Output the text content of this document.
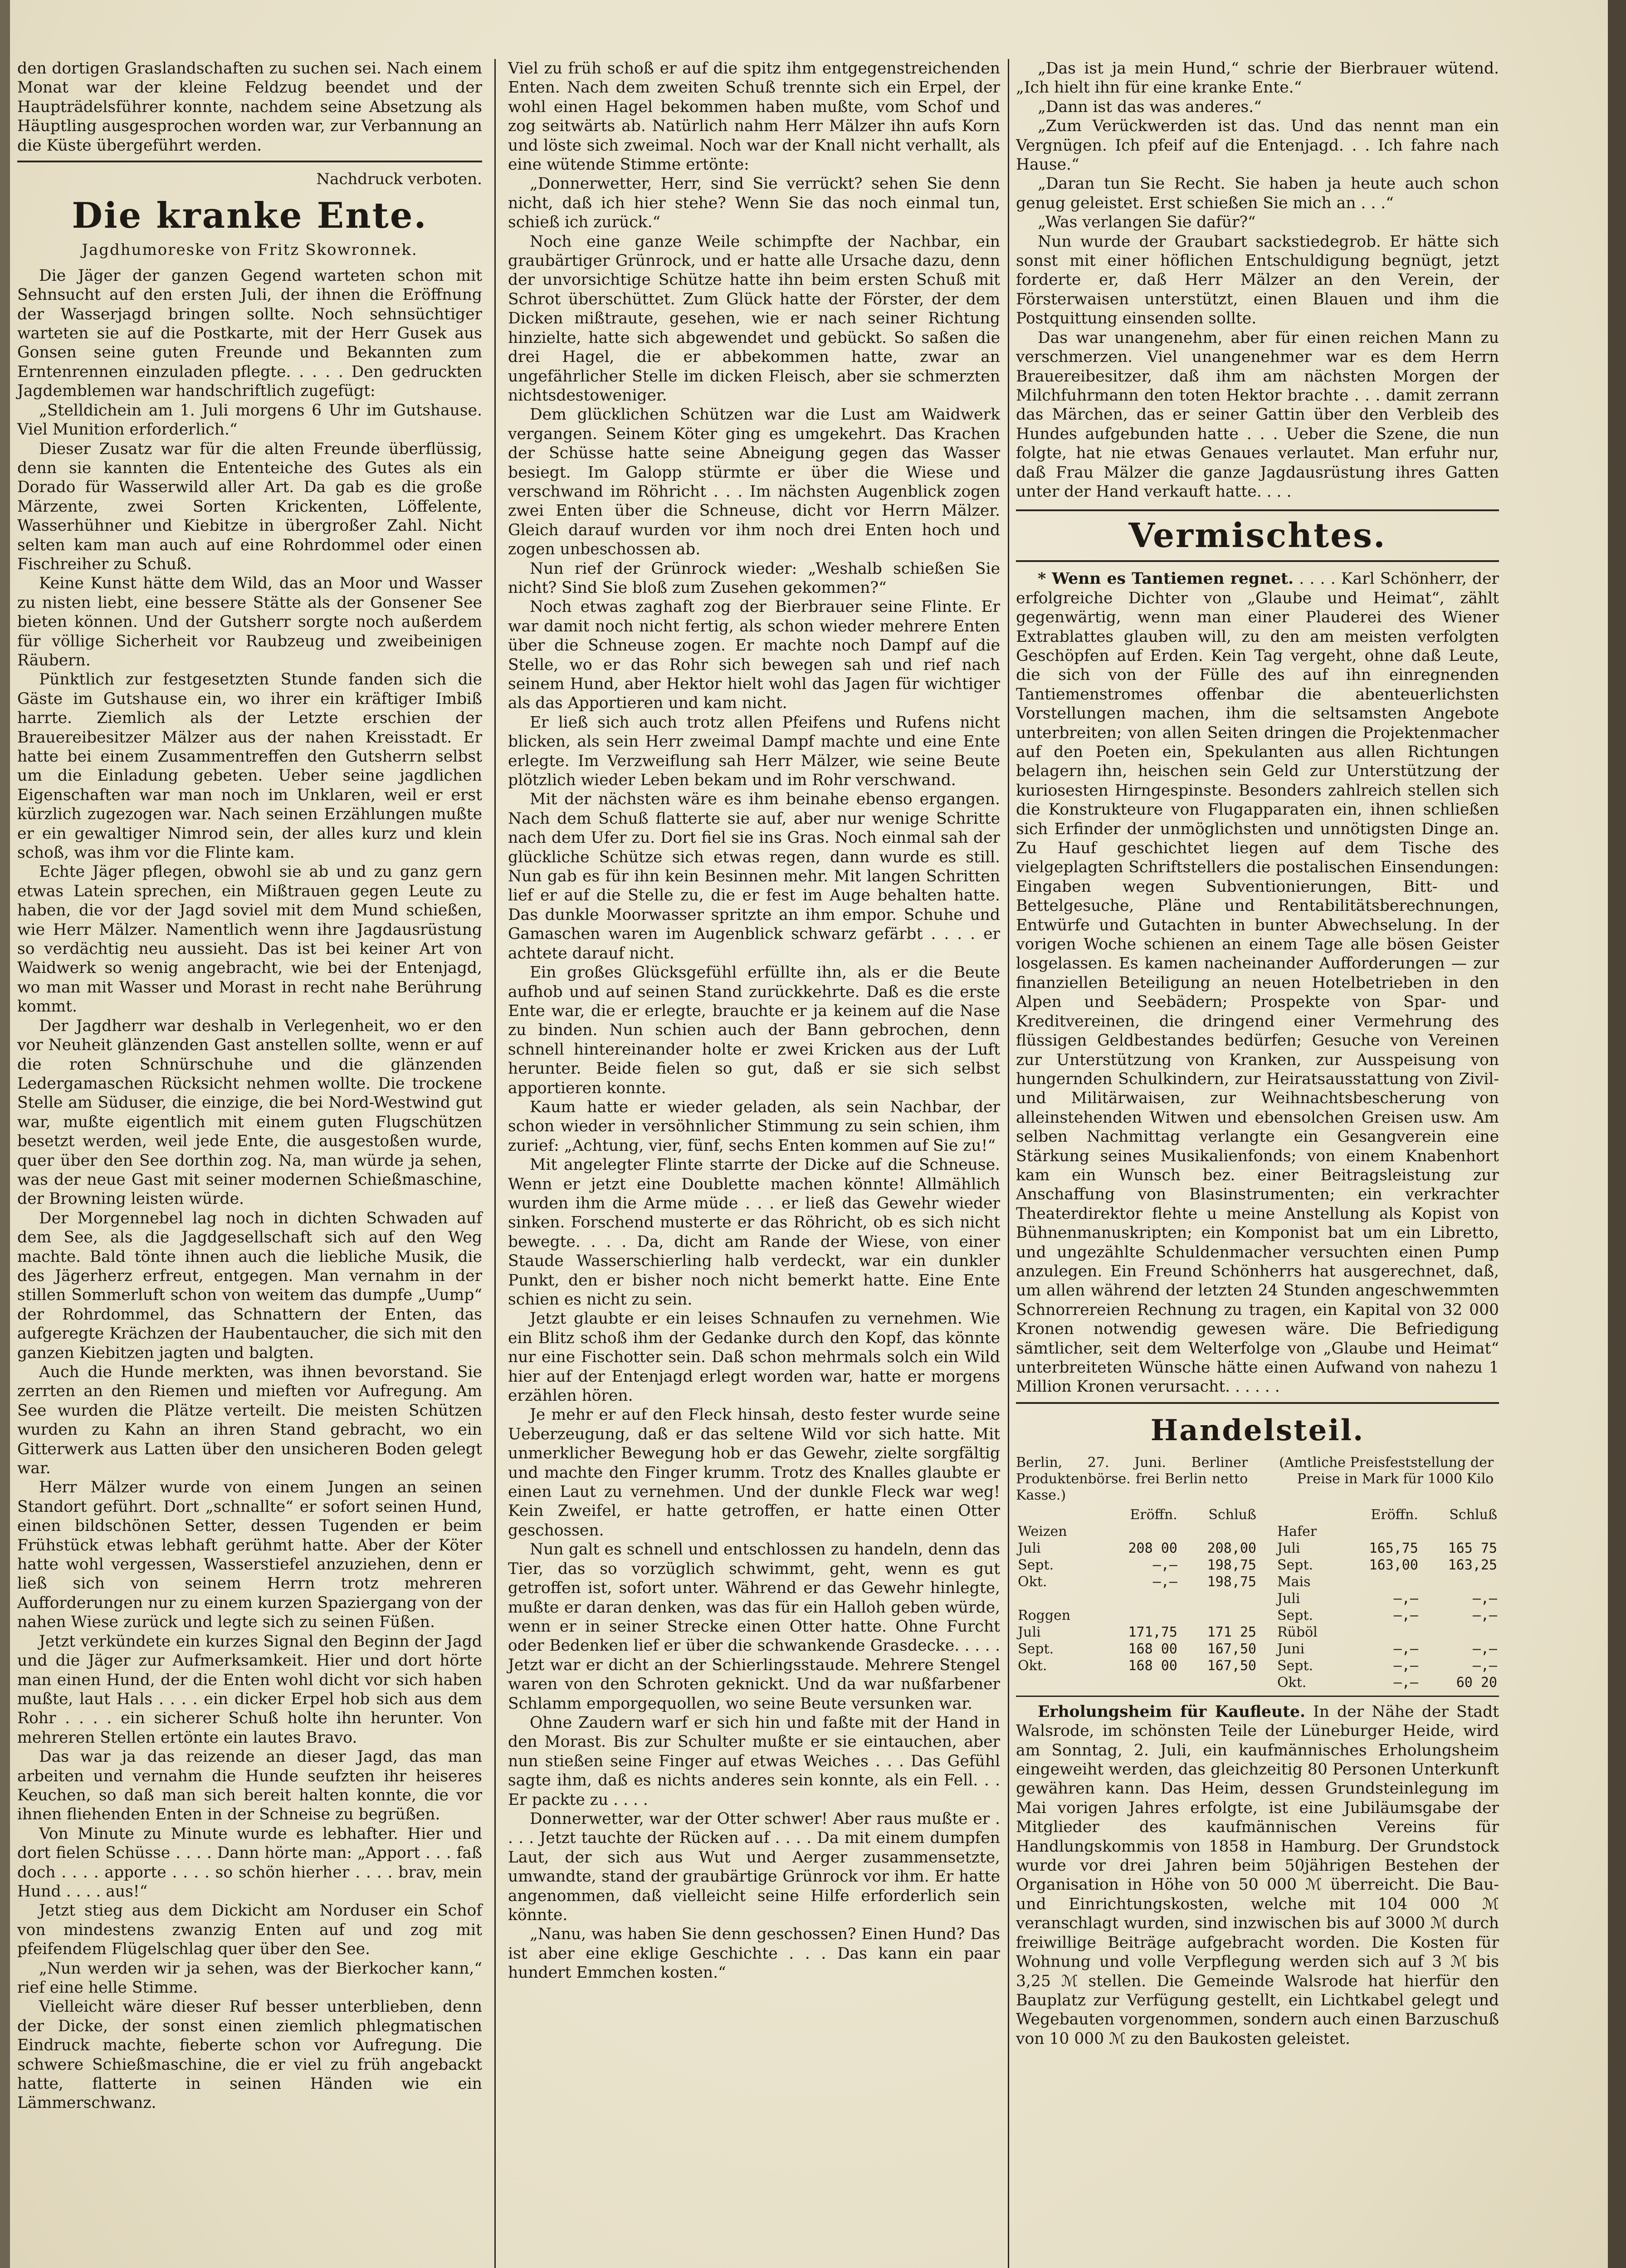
den dortigen Graslandschaften zu suchen sei. Nach einem Monat war der kleine Feldzug beendet und der Haupträdelsführer konnte, nachdem seine Absetzung als Häuptling ausgesprochen worden war, zur Verbannung an die Küste übergeführt werden.

Nachdruck verboten.
Die kranke Ente.
Jagdhumoreske von Fritz Skowronnek.

Die Jäger der ganzen Gegend warteten schon mit Sehnsucht auf den ersten Juli, der ihnen die Eröffnung der Wasserjagd bringen sollte. Noch sehnsüchtiger warteten sie auf die Postkarte, mit der Herr Gusek aus Gonsen seine guten Freunde und Bekannten zum Erntenrennen einzuladen pflegte. . . . . Den gedruckten Jagdemblemen war handschriftlich zugefügt:

„Stelldichein am 1. Juli morgens 6 Uhr im Gutshause. Viel Munition erforderlich.“

Dieser Zusatz war für die alten Freunde überflüssig, denn sie kannten die Ententeiche des Gutes als ein Dorado für Wasserwild aller Art. Da gab es die große Märzente, zwei Sorten Krickenten, Löffelente, Wasserhühner und Kiebitze in übergroßer Zahl. Nicht selten kam man auch auf eine Rohrdommel oder einen Fischreiher zu Schuß.

Keine Kunst hätte dem Wild, das an Moor und Wasser zu nisten liebt, eine bessere Stätte als der Gonsener See bieten können. Und der Gutsherr sorgte noch außerdem für völlige Sicherheit vor Raubzeug und zweibeinigen Räubern.

Pünktlich zur festgesetzten Stunde fanden sich die Gäste im Gutshause ein, wo ihrer ein kräftiger Imbiß harrte. Ziemlich als der Letzte erschien der Brauereibesitzer Mälzer aus der nahen Kreisstadt. Er hatte bei einem Zusammentreffen den Gutsherrn selbst um die Einladung gebeten. Ueber seine jagdlichen Eigenschaften war man noch im Unklaren, weil er erst kürzlich zugezogen war. Nach seinen Erzählungen mußte er ein gewaltiger Nimrod sein, der alles kurz und klein schoß, was ihm vor die Flinte kam.

Echte Jäger pflegen, obwohl sie ab und zu ganz gern etwas Latein sprechen, ein Mißtrauen gegen Leute zu haben, die vor der Jagd soviel mit dem Mund schießen, wie Herr Mälzer. Namentlich wenn ihre Jagdausrüstung so verdächtig neu aussieht. Das ist bei keiner Art von Waidwerk so wenig angebracht, wie bei der Entenjagd, wo man mit Wasser und Morast in recht nahe Berührung kommt.

Der Jagdherr war deshalb in Verlegenheit, wo er den vor Neuheit glänzenden Gast anstellen sollte, wenn er auf die roten Schnürschuhe und die glänzenden Ledergamaschen Rücksicht nehmen wollte. Die trockene Stelle am Süduser, die einzige, die bei Nord-Westwind gut war, mußte eigentlich mit einem guten Flugschützen besetzt werden, weil jede Ente, die ausgestoßen wurde, quer über den See dorthin zog. Na, man würde ja sehen, was der neue Gast mit seiner modernen Schießmaschine, der Browning leisten würde.

Der Morgennebel lag noch in dichten Schwaden auf dem See, als die Jagdgesellschaft sich auf den Weg machte. Bald tönte ihnen auch die liebliche Musik, die des Jägerherz erfreut, entgegen. Man vernahm in der stillen Sommerluft schon von weitem das dumpfe „Uump“ der Rohrdommel, das Schnattern der Enten, das aufgeregte Krächzen der Haubentaucher, die sich mit den ganzen Kiebitzen jagten und balgten.

Auch die Hunde merkten, was ihnen bevorstand. Sie zerrten an den Riemen und mieften vor Aufregung. Am See wurden die Plätze verteilt. Die meisten Schützen wurden zu Kahn an ihren Stand gebracht, wo ein Gitterwerk aus Latten über den unsicheren Boden gelegt war.

Herr Mälzer wurde von einem Jungen an seinen Standort geführt. Dort „schnallte“ er sofort seinen Hund, einen bildschönen Setter, dessen Tugenden er beim Frühstück etwas lebhaft gerühmt hatte. Aber der Köter hatte wohl vergessen, Wasserstiefel anzuziehen, denn er ließ sich von seinem Herrn trotz mehreren Aufforderungen nur zu einem kurzen Spaziergang von der nahen Wiese zurück und legte sich zu seinen Füßen.

Jetzt verkündete ein kurzes Signal den Beginn der Jagd und die Jäger zur Aufmerksamkeit. Hier und dort hörte man einen Hund, der die Enten wohl dicht vor sich haben mußte, laut Hals . . . . ein dicker Erpel hob sich aus dem Rohr . . . . ein sicherer Schuß holte ihn herunter. Von mehreren Stellen ertönte ein lautes Bravo.

Das war ja das reizende an dieser Jagd, das man arbeiten und vernahm die Hunde seufzten ihr heiseres Keuchen, so daß man sich bereit halten konnte, die vor ihnen fliehenden Enten in der Schneise zu begrüßen.

Von Minute zu Minute wurde es lebhafter. Hier und dort fielen Schüsse . . . . Dann hörte man: „Apport . . . faß doch . . . . apporte . . . . so schön hierher . . . . brav, mein Hund . . . . aus!“

Jetzt stieg aus dem Dickicht am Norduser ein Schof von mindestens zwanzig Enten auf und zog mit pfeifendem Flügelschlag quer über den See.

„Nun werden wir ja sehen, was der Bierkocher kann,“ rief eine helle Stimme.

Vielleicht wäre dieser Ruf besser unterblieben, denn der Dicke, der sonst einen ziemlich phlegmatischen Eindruck machte, fieberte schon vor Aufregung. Die schwere Schießmaschine, die er viel zu früh angebackt hatte, flatterte in seinen Händen wie ein Lämmerschwanz.

Viel zu früh schoß er auf die spitz ihm entgegenstreichenden Enten. Nach dem zweiten Schuß trennte sich ein Erpel, der wohl einen Hagel bekommen haben mußte, vom Schof und zog seitwärts ab. Natürlich nahm Herr Mälzer ihn aufs Korn und löste sich zweimal. Noch war der Knall nicht verhallt, als eine wütende Stimme ertönte:

„Donnerwetter, Herr, sind Sie verrückt? sehen Sie denn nicht, daß ich hier stehe? Wenn Sie das noch einmal tun, schieß ich zurück.“

Noch eine ganze Weile schimpfte der Nachbar, ein graubärtiger Grünrock, und er hatte alle Ursache dazu, denn der unvorsichtige Schütze hatte ihn beim ersten Schuß mit Schrot überschüttet. Zum Glück hatte der Förster, der dem Dicken mißtraute, gesehen, wie er nach seiner Richtung hinzielte, hatte sich abgewendet und gebückt. So saßen die drei Hagel, die er abbekommen hatte, zwar an ungefährlicher Stelle im dicken Fleisch, aber sie schmerzten nichtsdestoweniger.

Dem glücklichen Schützen war die Lust am Waidwerk vergangen. Seinem Köter ging es umgekehrt. Das Krachen der Schüsse hatte seine Abneigung gegen das Wasser besiegt. Im Galopp stürmte er über die Wiese und verschwand im Röhricht . . . Im nächsten Augenblick zogen zwei Enten über die Schneuse, dicht vor Herrn Mälzer. Gleich darauf wurden vor ihm noch drei Enten hoch und zogen unbeschossen ab.

Nun rief der Grünrock wieder: „Weshalb schießen Sie nicht? Sind Sie bloß zum Zusehen gekommen?“

Noch etwas zaghaft zog der Bierbrauer seine Flinte. Er war damit noch nicht fertig, als schon wieder mehrere Enten über die Schneuse zogen. Er machte noch Dampf auf die Stelle, wo er das Rohr sich bewegen sah und rief nach seinem Hund, aber Hektor hielt wohl das Jagen für wichtiger als das Apportieren und kam nicht.

Er ließ sich auch trotz allen Pfeifens und Rufens nicht blicken, als sein Herr zweimal Dampf machte und eine Ente erlegte. Im Verzweiflung sah Herr Mälzer, wie seine Beute plötzlich wieder Leben bekam und im Rohr verschwand.

Mit der nächsten wäre es ihm beinahe ebenso ergangen. Nach dem Schuß flatterte sie auf, aber nur wenige Schritte nach dem Ufer zu. Dort fiel sie ins Gras. Noch einmal sah der glückliche Schütze sich etwas regen, dann wurde es still. Nun gab es für ihn kein Besinnen mehr. Mit langen Schritten lief er auf die Stelle zu, die er fest im Auge behalten hatte. Das dunkle Moorwasser spritzte an ihm empor. Schuhe und Gamaschen waren im Augenblick schwarz gefärbt . . . . er achtete darauf nicht.

Ein großes Glücksgefühl erfüllte ihn, als er die Beute aufhob und auf seinen Stand zurückkehrte. Daß es die erste Ente war, die er erlegte, brauchte er ja keinem auf die Nase zu binden. Nun schien auch der Bann gebrochen, denn schnell hintereinander holte er zwei Kricken aus der Luft herunter. Beide fielen so gut, daß er sie sich selbst apportieren konnte.

Kaum hatte er wieder geladen, als sein Nachbar, der schon wieder in versöhnlicher Stimmung zu sein schien, ihm zurief: „Achtung, vier, fünf, sechs Enten kommen auf Sie zu!“

Mit angelegter Flinte starrte der Dicke auf die Schneuse. Wenn er jetzt eine Doublette machen könnte! Allmählich wurden ihm die Arme müde . . . er ließ das Gewehr wieder sinken. Forschend musterte er das Röhricht, ob es sich nicht bewegte. . . . Da, dicht am Rande der Wiese, von einer Staude Wasserschierling halb verdeckt, war ein dunkler Punkt, den er bisher noch nicht bemerkt hatte. Eine Ente schien es nicht zu sein.

Jetzt glaubte er ein leises Schnaufen zu vernehmen. Wie ein Blitz schoß ihm der Gedanke durch den Kopf, das könnte nur eine Fischotter sein. Daß schon mehrmals solch ein Wild hier auf der Entenjagd erlegt worden war, hatte er morgens erzählen hören.

Je mehr er auf den Fleck hinsah, desto fester wurde seine Ueberzeugung, daß er das seltene Wild vor sich hatte. Mit unmerklicher Bewegung hob er das Gewehr, zielte sorgfältig und machte den Finger krumm. Trotz des Knalles glaubte er einen Laut zu vernehmen. Und der dunkle Fleck war weg! Kein Zweifel, er hatte getroffen, er hatte einen Otter geschossen.

Nun galt es schnell und entschlossen zu handeln, denn das Tier, das so vorzüglich schwimmt, geht, wenn es gut getroffen ist, sofort unter. Während er das Gewehr hinlegte, mußte er daran denken, was das für ein Halloh geben würde, wenn er in seiner Strecke einen Otter hatte. Ohne Furcht oder Bedenken lief er über die schwankende Grasdecke. . . . . Jetzt war er dicht an der Schierlingsstaude. Mehrere Stengel waren von den Schroten geknickt. Und da war nußfarbener Schlamm emporgequollen, wo seine Beute versunken war.

Ohne Zaudern warf er sich hin und faßte mit der Hand in den Morast. Bis zur Schulter mußte er sie eintauchen, aber nun stießen seine Finger auf etwas Weiches . . . Das Gefühl sagte ihm, daß es nichts anderes sein konnte, als ein Fell. . . Er packte zu . . . .

Donnerwetter, war der Otter schwer! Aber raus mußte er . . . . Jetzt tauchte der Rücken auf . . . . Da mit einem dumpfen Laut, der sich aus Wut und Aerger zusammensetzte, umwandte, stand der graubärtige Grünrock vor ihm. Er hatte angenommen, daß vielleicht seine Hilfe erforderlich sein könnte.

„Nanu, was haben Sie denn geschossen? Einen Hund? Das ist aber eine eklige Geschichte . . . Das kann ein paar hundert Emmchen kosten.“

„Das ist ja mein Hund,“ schrie der Bierbrauer wütend. „Ich hielt ihn für eine kranke Ente.“

„Dann ist das was anderes.“

„Zum Verückwerden ist das. Und das nennt man ein Vergnügen. Ich pfeif auf die Entenjagd. . . Ich fahre nach Hause.“

„Daran tun Sie Recht. Sie haben ja heute auch schon genug geleistet. Erst schießen Sie mich an . . .“

„Was verlangen Sie dafür?“

Nun wurde der Graubart sackstiedegrob. Er hätte sich sonst mit einer höflichen Entschuldigung begnügt, jetzt forderte er, daß Herr Mälzer an den Verein, der Försterwaisen unterstützt, einen Blauen und ihm die Postquittung einsenden sollte.

Das war unangenehm, aber für einen reichen Mann zu verschmerzen. Viel unangenehmer war es dem Herrn Brauereibesitzer, daß ihm am nächsten Morgen der Milchfuhrmann den toten Hektor brachte . . . damit zerrann das Märchen, das er seiner Gattin über den Verbleib des Hundes aufgebunden hatte . . . Ueber die Szene, die nun folgte, hat nie etwas Genaues verlautet. Man erfuhr nur, daß Frau Mälzer die ganze Jagdausrüstung ihres Gatten unter der Hand verkauft hatte. . . .

Vermischtes.

* Wenn es Tantiemen regnet. . . . . Karl Schönherr, der erfolgreiche Dichter von „Glaube und Heimat“, zählt gegenwärtig, wenn man einer Plauderei des Wiener Extrablattes glauben will, zu den am meisten verfolgten Geschöpfen auf Erden. Kein Tag vergeht, ohne daß Leute, die sich von der Fülle des auf ihn einregnenden Tantiemenstromes offenbar die abenteuerlichsten Vorstellungen machen, ihm die seltsamsten Angebote unterbreiten; von allen Seiten dringen die Projektenmacher auf den Poeten ein, Spekulanten aus allen Richtungen belagern ihn, heischen sein Geld zur Unterstützung der kuriosesten Hirngespinste. Besonders zahlreich stellen sich die Konstrukteure von Flugapparaten ein, ihnen schließen sich Erfinder der unmöglichsten und unnötigsten Dinge an. Zu Hauf geschichtet liegen auf dem Tische des vielgeplagten Schriftstellers die postalischen Einsendungen: Eingaben wegen Subventionierungen, Bitt- und Bettelgesuche, Pläne und Rentabilitätsberechnungen, Entwürfe und Gutachten in bunter Abwechselung. In der vorigen Woche schienen an einem Tage alle bösen Geister losgelassen. Es kamen nacheinander Aufforderungen — zur finanziellen Beteiligung an neuen Hotelbetrieben in den Alpen und Seebädern; Prospekte von Spar- und Kreditvereinen, die dringend einer Vermehrung des flüssigen Geldbestandes bedürfen; Gesuche von Vereinen zur Unterstützung von Kranken, zur Ausspeisung von hungernden Schulkindern, zur Heiratsausstattung von Zivil- und Militärwaisen, zur Weihnachtsbescherung von alleinstehenden Witwen und ebensolchen Greisen usw. Am selben Nachmittag verlangte ein Gesangverein eine Stärkung seines Musikalienfonds; von einem Knabenhort kam ein Wunsch bez. einer Beitragsleistung zur Anschaffung von Blasinstrumenten; ein verkrachter Theaterdirektor flehte u meine Anstellung als Kopist von Bühnenmanuskripten; ein Komponist bat um ein Libretto, und ungezählte Schuldenmacher versuchten einen Pump anzulegen. Ein Freund Schönherrs hat ausgerechnet, daß, um allen während der letzten 24 Stunden angeschwemmten Schnorrereien Rechnung zu tragen, ein Kapital von 32 000 Kronen notwendig gewesen wäre. Die Befriedigung sämtlicher, seit dem Welterfolge von „Glaube und Heimat“ unterbreiteten Wünsche hätte einen Aufwand von nahezu 1 Million Kronen verursacht. . . . . .

Handelsteil.
Berlin, 27. Juni. Berliner Produktenbörse. frei Berlin netto Kasse.) (Amtliche Preisfeststellung der Preise in Mark für 1000 Kilo
	Eröffn.	Schluß			Eröffn.	Schluß
Weizen				Hafer		
Juli	208 00	208,00		Juli	165,75	165 75
Sept.	—,—	198,75		Sept.	163,00	163,25
Okt.	—,—	198,75		Mais		
				Juli	—,—	—,—
Roggen				Sept.	—,—	—,—
Juli	171,75	171 25		Rüböl		
Sept.	168 00	167,50		Juni	—,—	—,—
Okt.	168 00	167,50		Sept.	—,—	—,—
				Okt.	—,—	60 20

Erholungsheim für Kaufleute. In der Nähe der Stadt Walsrode, im schönsten Teile der Lüneburger Heide, wird am Sonntag, 2. Juli, ein kaufmännisches Erholungsheim eingeweiht werden, das gleichzeitig 80 Personen Unterkunft gewähren kann. Das Heim, dessen Grundsteinlegung im Mai vorigen Jahres erfolgte, ist eine Jubiläumsgabe der Mitglieder des kaufmännischen Vereins für Handlungskommis von 1858 in Hamburg. Der Grundstock wurde vor drei Jahren beim 50jährigen Bestehen der Organisation in Höhe von 50 000 ℳ überreicht. Die Bau- und Einrichtungskosten, welche mit 104 000 ℳ veranschlagt wurden, sind inzwischen bis auf 3000 ℳ durch freiwillige Beiträge aufgebracht worden. Die Kosten für Wohnung und volle Verpflegung werden sich auf 3 ℳ bis 3,25 ℳ stellen. Die Gemeinde Walsrode hat hierfür den Bauplatz zur Verfügung gestellt, ein Lichtkabel gelegt und Wegebauten vorgenommen, sondern auch einen Barzuschuß von 10 000 ℳ zu den Baukosten geleistet.
